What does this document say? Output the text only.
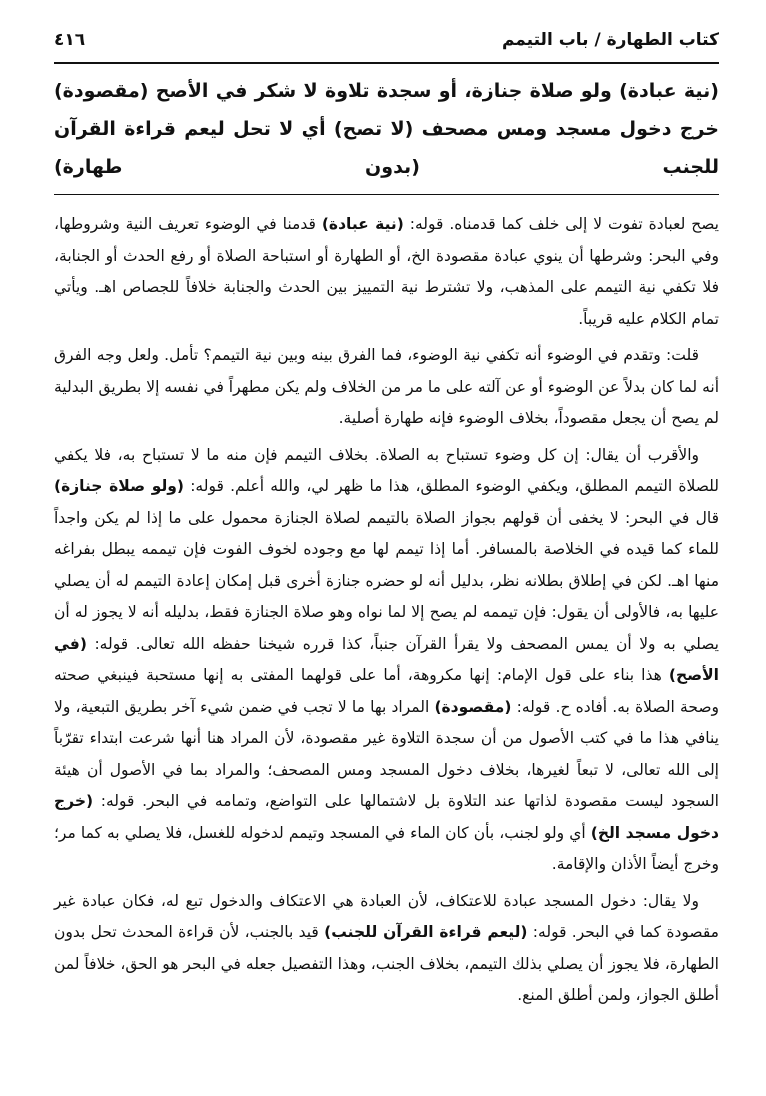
كتاب الطهارة / باب التيمم
٤١٦
(نية عبادة) ولو صلاة جنازة، أو سجدة تلاوة لا شكر في الأصح (مقصودة) خرج دخول مسجد ومس مصحف (لا تصح) أي لا تحل ليعم قراءة القرآن للجنب (بدون طهارة)

يصح لعبادة تفوت لا إلى خلف كما قدمناه. قوله: (نية عبادة) قدمنا في الوضوء تعريف النية وشروطها، وفي البحر: وشرطها أن ينوي عبادة مقصودة الخ، أو الطهارة أو استباحة الصلاة أو رفع الحدث أو الجنابة، فلا تكفي نية التيمم على المذهب، ولا تشترط نية التمييز بين الحدث والجنابة خلافاً للجصاص اهـ. ويأتي تمام الكلام عليه قريباً.

قلت: وتقدم في الوضوء أنه تكفي نية الوضوء، فما الفرق بينه وبين نية التيمم؟ تأمل. ولعل وجه الفرق أنه لما كان بدلاً عن الوضوء أو عن آلته على ما مر من الخلاف ولم يكن مطهراً في نفسه إلا بطريق البدلية لم يصح أن يجعل مقصوداً، بخلاف الوضوء فإنه طهارة أصلية.

والأقرب أن يقال: إن كل وضوء تستباح به الصلاة. بخلاف التيمم فإن منه ما لا تستباح به، فلا يكفي للصلاة التيمم المطلق، ويكفي الوضوء المطلق، هذا ما ظهر لي، والله أعلم. قوله: (ولو صلاة جنازة) قال في البحر: لا يخفى أن قولهم بجواز الصلاة بالتيمم لصلاة الجنازة محمول على ما إذا لم يكن واجداً للماء كما قيده في الخلاصة بالمسافر. أما إذا تيمم لها مع وجوده لخوف الفوت فإن تيممه يبطل بفراغه منها اهـ. لكن في إطلاق بطلانه نظر، بدليل أنه لو حضره جنازة أخرى قبل إمكان إعادة التيمم له أن يصلي عليها به، فالأولى أن يقول: فإن تيممه لم يصح إلا لما نواه وهو صلاة الجنازة فقط، بدليله أنه لا يجوز له أن يصلي به ولا أن يمس المصحف ولا يقرأ القرآن جنباً، كذا قرره شيخنا حفظه الله تعالى. قوله: (في الأصح) هذا بناء على قول الإمام: إنها مكروهة، أما على قولهما المفتى به إنها مستحبة فينبغي صحته وصحة الصلاة به. أفاده ح. قوله: (مقصودة) المراد بها ما لا تجب في ضمن شيء آخر بطريق التبعية، ولا ينافي هذا ما في كتب الأصول من أن سجدة التلاوة غير مقصودة، لأن المراد هنا أنها شرعت ابتداء تقرّباً إلى الله تعالى، لا تبعاً لغيرها، بخلاف دخول المسجد ومس المصحف؛ والمراد بما في الأصول أن هيئة السجود ليست مقصودة لذاتها عند التلاوة بل لاشتمالها على التواضع، وتمامه في البحر. قوله: (خرج دخول مسجد الخ) أي ولو لجنب، بأن كان الماء في المسجد وتيمم لدخوله للغسل، فلا يصلي به كما مر؛ وخرج أيضاً الأذان والإقامة.

ولا يقال: دخول المسجد عبادة للاعتكاف، لأن العبادة هي الاعتكاف والدخول تبع له، فكان عبادة غير مقصودة كما في البحر. قوله: (ليعم قراءة القرآن للجنب) قيد بالجنب، لأن قراءة المحدث تحل بدون الطهارة، فلا يجوز أن يصلي بذلك التيمم، بخلاف الجنب، وهذا التفصيل جعله في البحر هو الحق، خلافاً لمن أطلق الجواز، ولمن أطلق المنع.
